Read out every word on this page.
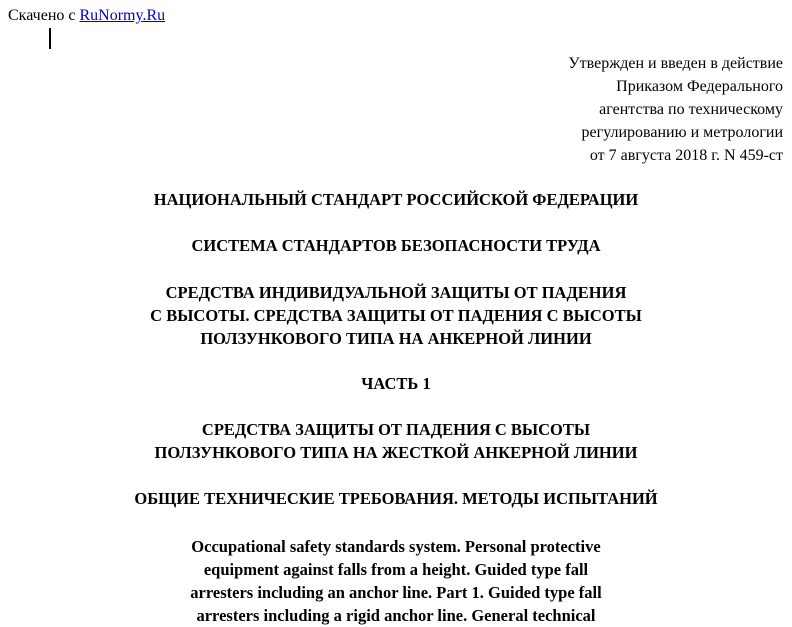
Скачено с RuNormy.Ru
Утвержден и введен в действие
Приказом Федерального
агентства по техническому
регулированию и метрологии
от 7 августа 2018 г. N 459-ст
НАЦИОНАЛЬНЫЙ СТАНДАРТ РОССИЙСКОЙ ФЕДЕРАЦИИ
СИСТЕМА СТАНДАРТОВ БЕЗОПАСНОСТИ ТРУДА
СРЕДСТВА ИНДИВИДУАЛЬНОЙ ЗАЩИТЫ ОТ ПАДЕНИЯ
С ВЫСОТЫ. СРЕДСТВА ЗАЩИТЫ ОТ ПАДЕНИЯ С ВЫСОТЫ
ПОЛЗУНКОВОГО ТИПА НА АНКЕРНОЙ ЛИНИИ
ЧАСТЬ 1
СРЕДСТВА ЗАЩИТЫ ОТ ПАДЕНИЯ С ВЫСОТЫ
ПОЛЗУНКОВОГО ТИПА НА ЖЕСТКОЙ АНКЕРНОЙ ЛИНИИ
ОБЩИЕ ТЕХНИЧЕСКИЕ ТРЕБОВАНИЯ. МЕТОДЫ ИСПЫТАНИЙ
Occupational safety standards system. Personal protective
equipment against falls from a height. Guided type fall
arresters including an anchor line. Part 1. Guided type fall
arresters including a rigid anchor line. General technical
